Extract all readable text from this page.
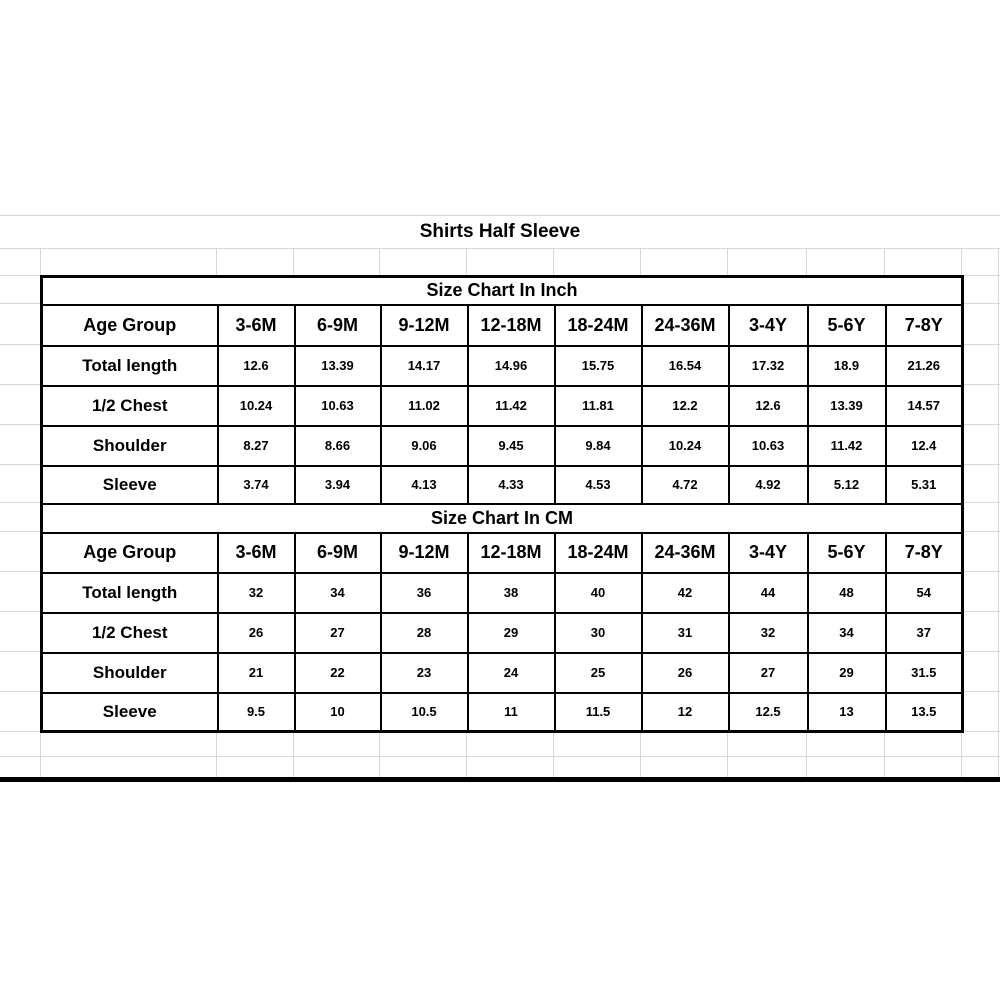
Shirts Half Sleeve
Size Chart In Inch									
Age Group	3-6M	6-9M	9-12M	12-18M	18-24M	24-36M	3-4Y	5-6Y	7-8Y
Total length	12.6	13.39	14.17	14.96	15.75	16.54	17.32	18.9	21.26
1/2 Chest	10.24	10.63	11.02	11.42	11.81	12.2	12.6	13.39	14.57
Shoulder	8.27	8.66	9.06	9.45	9.84	10.24	10.63	11.42	12.4
Sleeve	3.74	3.94	4.13	4.33	4.53	4.72	4.92	5.12	5.31
Size Chart In CM									
Age Group	3-6M	6-9M	9-12M	12-18M	18-24M	24-36M	3-4Y	5-6Y	7-8Y
Total length	32	34	36	38	40	42	44	48	54
1/2 Chest	26	27	28	29	30	31	32	34	37
Shoulder	21	22	23	24	25	26	27	29	31.5
Sleeve	9.5	10	10.5	11	11.5	12	12.5	13	13.5
